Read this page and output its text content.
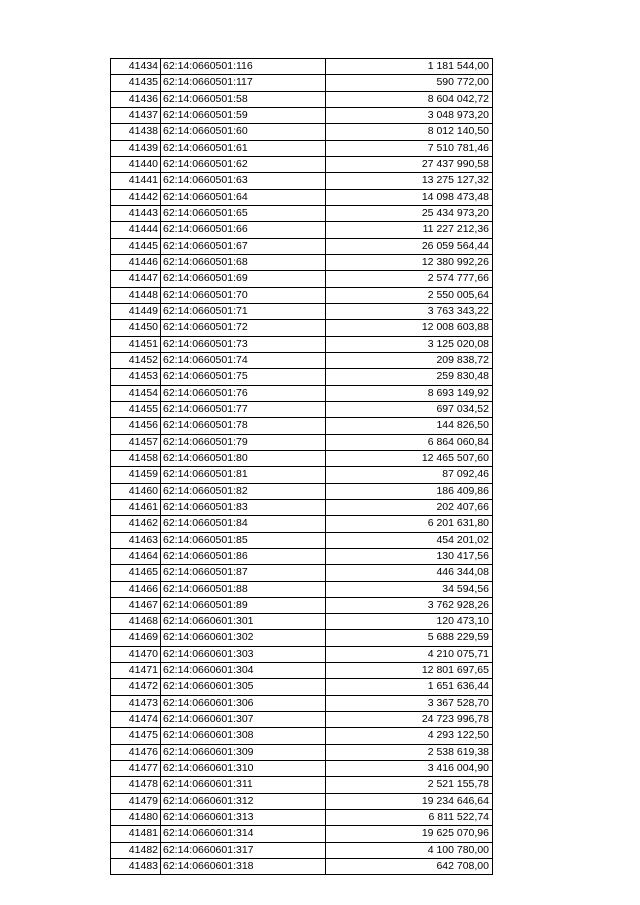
41434	62:14:0660501:116	1 181 544,00
41435	62:14:0660501:117	590 772,00
41436	62:14:0660501:58	8 604 042,72
41437	62:14:0660501:59	3 048 973,20
41438	62:14:0660501:60	8 012 140,50
41439	62:14:0660501:61	7 510 781,46
41440	62:14:0660501:62	27 437 990,58
41441	62:14:0660501:63	13 275 127,32
41442	62:14:0660501:64	14 098 473,48
41443	62:14:0660501:65	25 434 973,20
41444	62:14:0660501:66	11 227 212,36
41445	62:14:0660501:67	26 059 564,44
41446	62:14:0660501:68	12 380 992,26
41447	62:14:0660501:69	2 574 777,66
41448	62:14:0660501:70	2 550 005,64
41449	62:14:0660501:71	3 763 343,22
41450	62:14:0660501:72	12 008 603,88
41451	62:14:0660501:73	3 125 020,08
41452	62:14:0660501:74	209 838,72
41453	62:14:0660501:75	259 830,48
41454	62:14:0660501:76	8 693 149,92
41455	62:14:0660501:77	697 034,52
41456	62:14:0660501:78	144 826,50
41457	62:14:0660501:79	6 864 060,84
41458	62:14:0660501:80	12 465 507,60
41459	62:14:0660501:81	87 092,46
41460	62:14:0660501:82	186 409,86
41461	62:14:0660501:83	202 407,66
41462	62:14:0660501:84	6 201 631,80
41463	62:14:0660501:85	454 201,02
41464	62:14:0660501:86	130 417,56
41465	62:14:0660501:87	446 344,08
41466	62:14:0660501:88	34 594,56
41467	62:14:0660501:89	3 762 928,26
41468	62:14:0660601:301	120 473,10
41469	62:14:0660601:302	5 688 229,59
41470	62:14:0660601:303	4 210 075,71
41471	62:14:0660601:304	12 801 697,65
41472	62:14:0660601:305	1 651 636,44
41473	62:14:0660601:306	3 367 528,70
41474	62:14:0660601:307	24 723 996,78
41475	62:14:0660601:308	4 293 122,50
41476	62:14:0660601:309	2 538 619,38
41477	62:14:0660601:310	3 416 004,90
41478	62:14:0660601:311	2 521 155,78
41479	62:14:0660601:312	19 234 646,64
41480	62:14:0660601:313	6 811 522,74
41481	62:14:0660601:314	19 625 070,96
41482	62:14:0660601:317	4 100 780,00
41483	62:14:0660601:318	642 708,00
